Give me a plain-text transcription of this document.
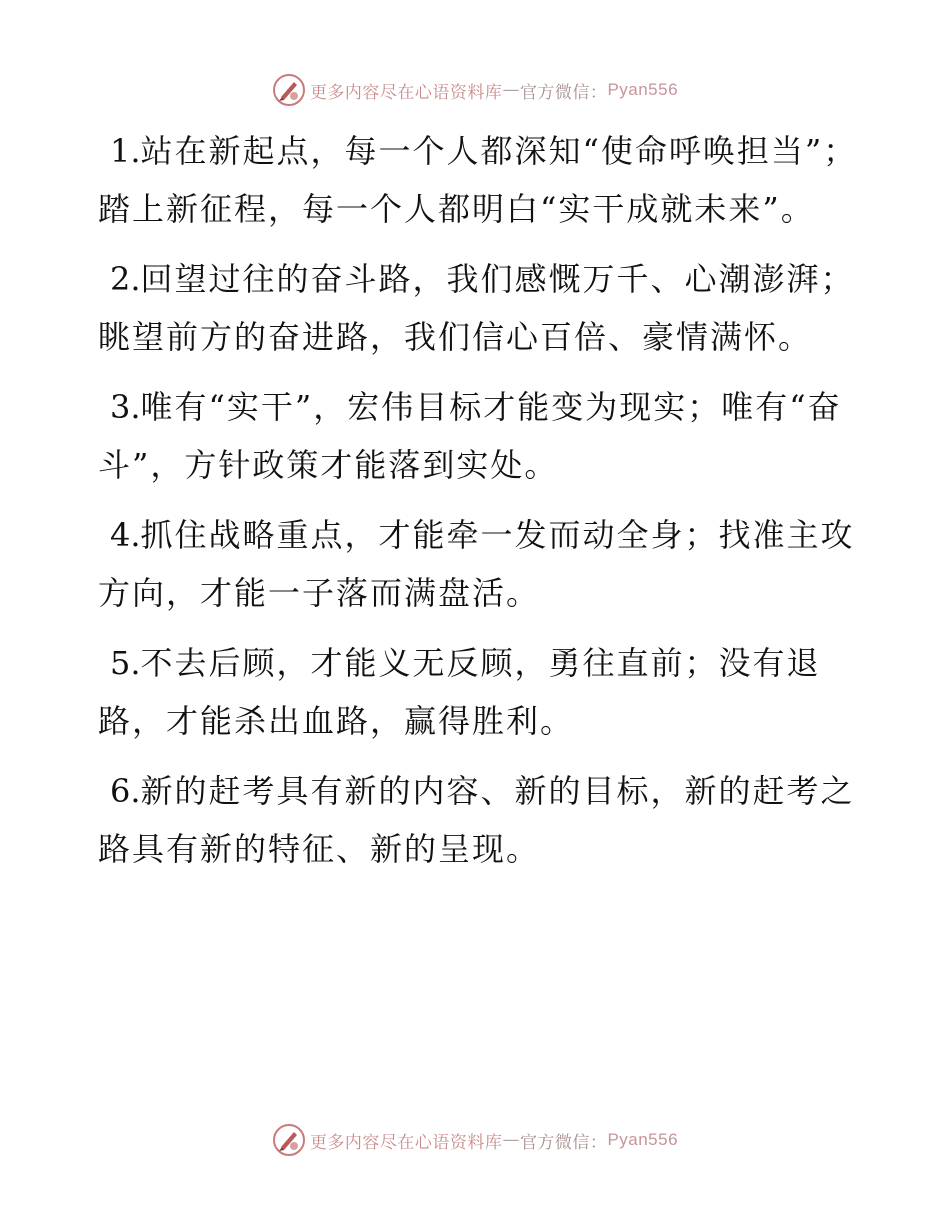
更多内容尽在心语资料库 — 官方微信： Pyan556

1.站在新起点，每一个人都深知“使命呼唤担当”；踏上新征程，每一个人都明白“实干成就未来”。

2.回望过往的奋斗路，我们感慨万千、心潮澎湃；眺望前方的奋进路，我们信心百倍、豪情满怀。

3.唯有“实干”，宏伟目标才能变为现实；唯有“奋斗”，方针政策才能落到实处。

4.抓住战略重点，才能牵一发而动全身；找准主攻方向，才能一子落而满盘活。

5.不去后顾，才能义无反顾，勇往直前；没有退路，才能杀出血路，赢得胜利。

6.新的赶考具有新的内容、新的目标，新的赶考之路具有新的特征、新的呈现。

更多内容尽在心语资料库 — 官方微信： Pyan556
